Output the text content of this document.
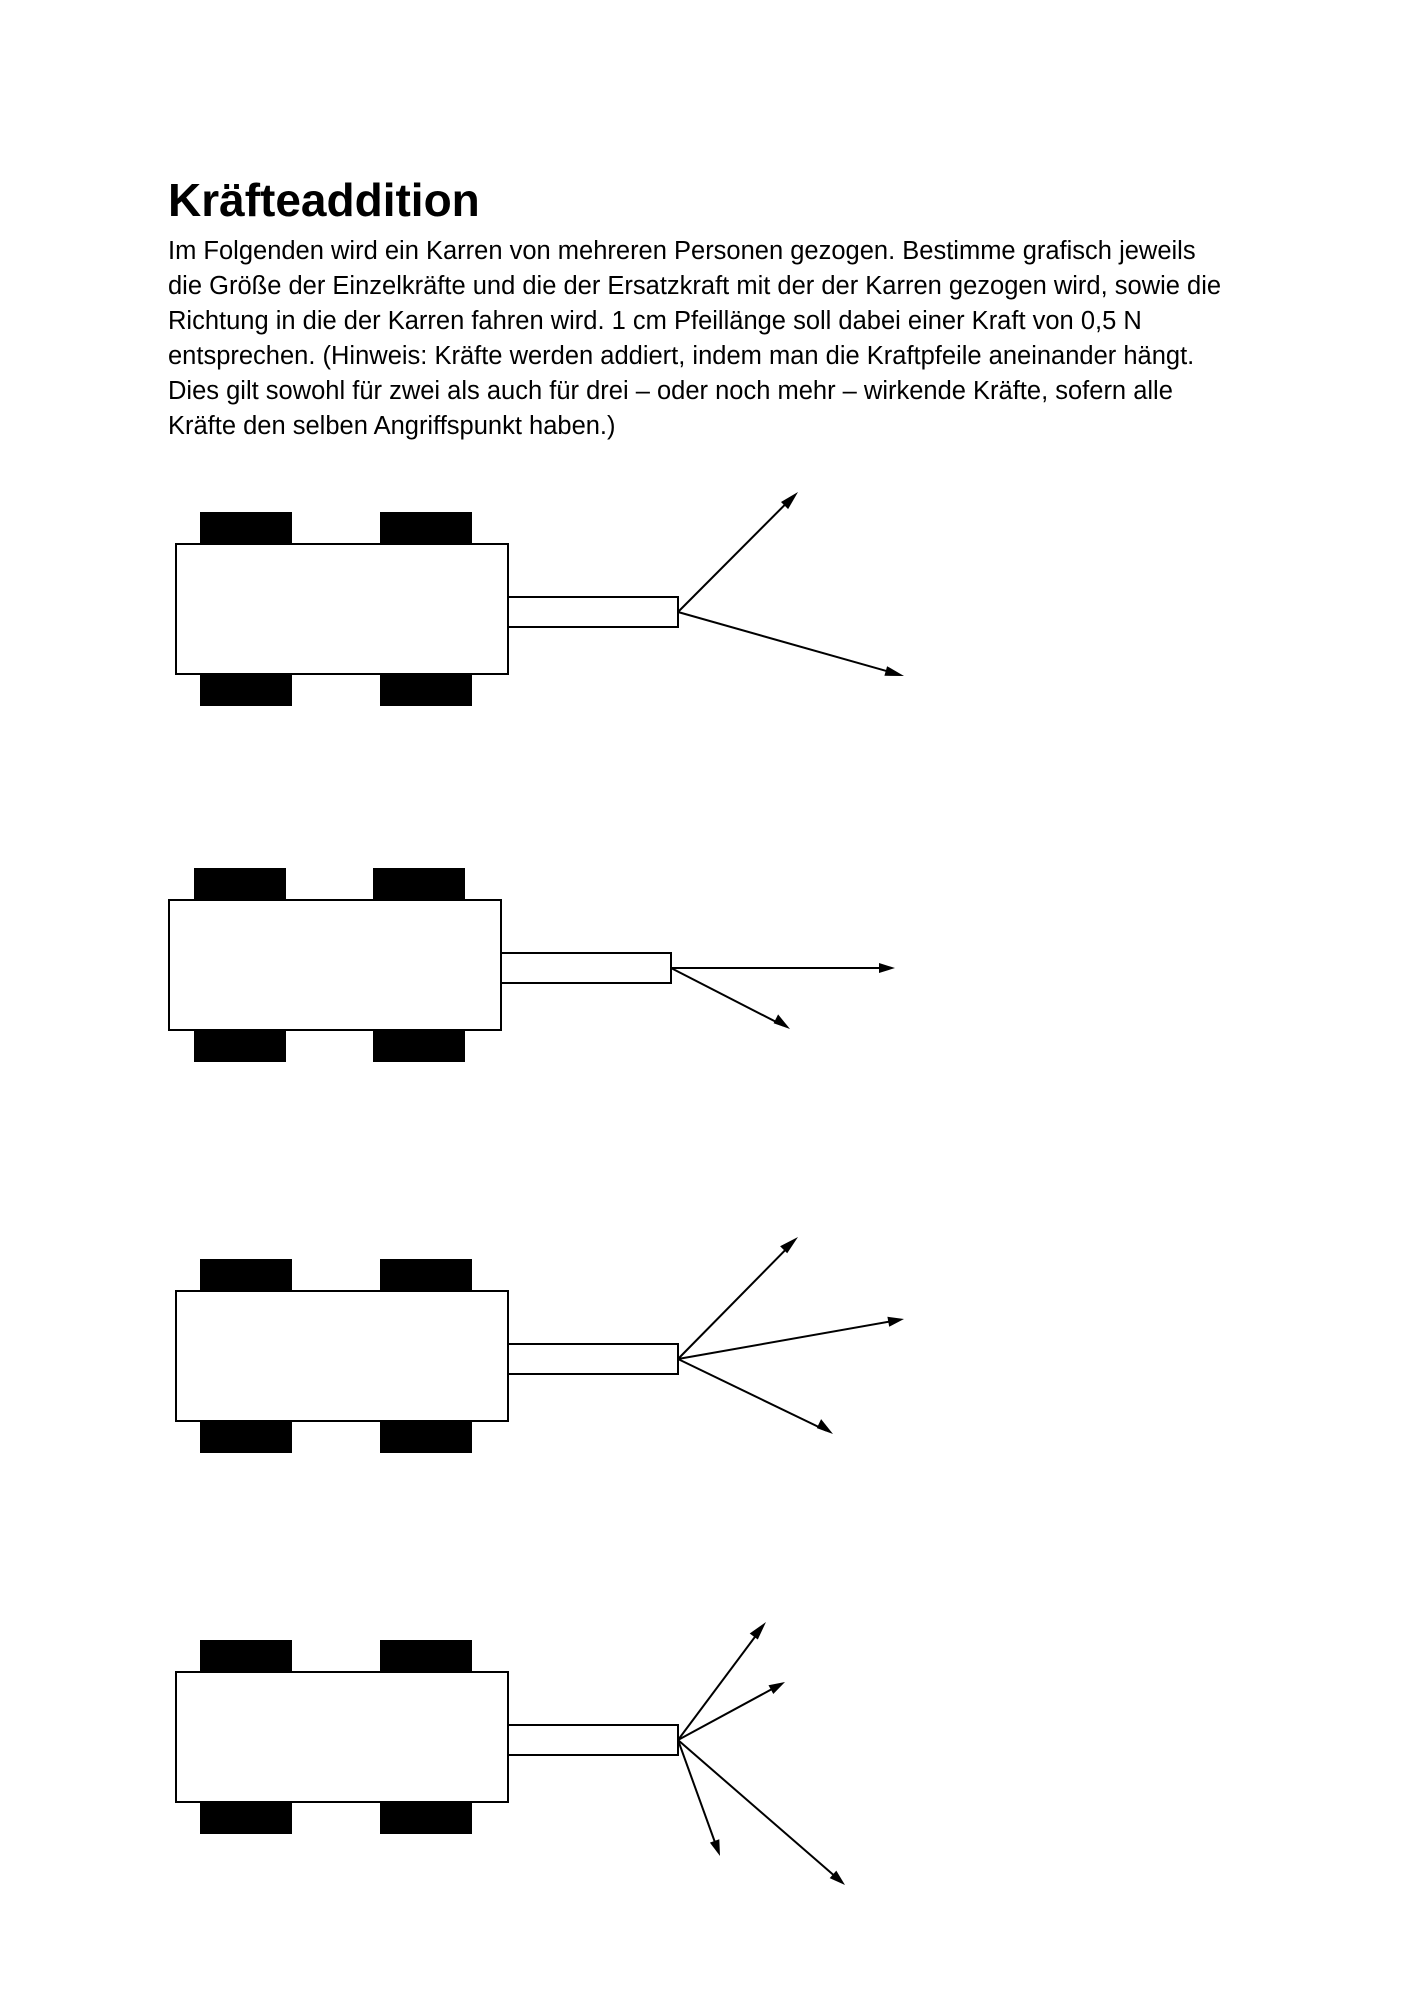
Kräfteaddition
Im Folgenden wird ein Karren von mehreren Personen gezogen. Bestimme grafisch jeweils
die Größe der Einzelkräfte und die der Ersatzkraft mit der der Karren gezogen wird, sowie die
Richtung in die der Karren fahren wird. 1 cm Pfeillänge soll dabei einer Kraft von 0,5 N
entsprechen. (Hinweis: Kräfte werden addiert, indem man die Kraftpfeile aneinander hängt.
Dies gilt sowohl für zwei als auch für drei – oder noch mehr – wirkende Kräfte, sofern alle
Kräfte den selben Angriffspunkt haben.)
